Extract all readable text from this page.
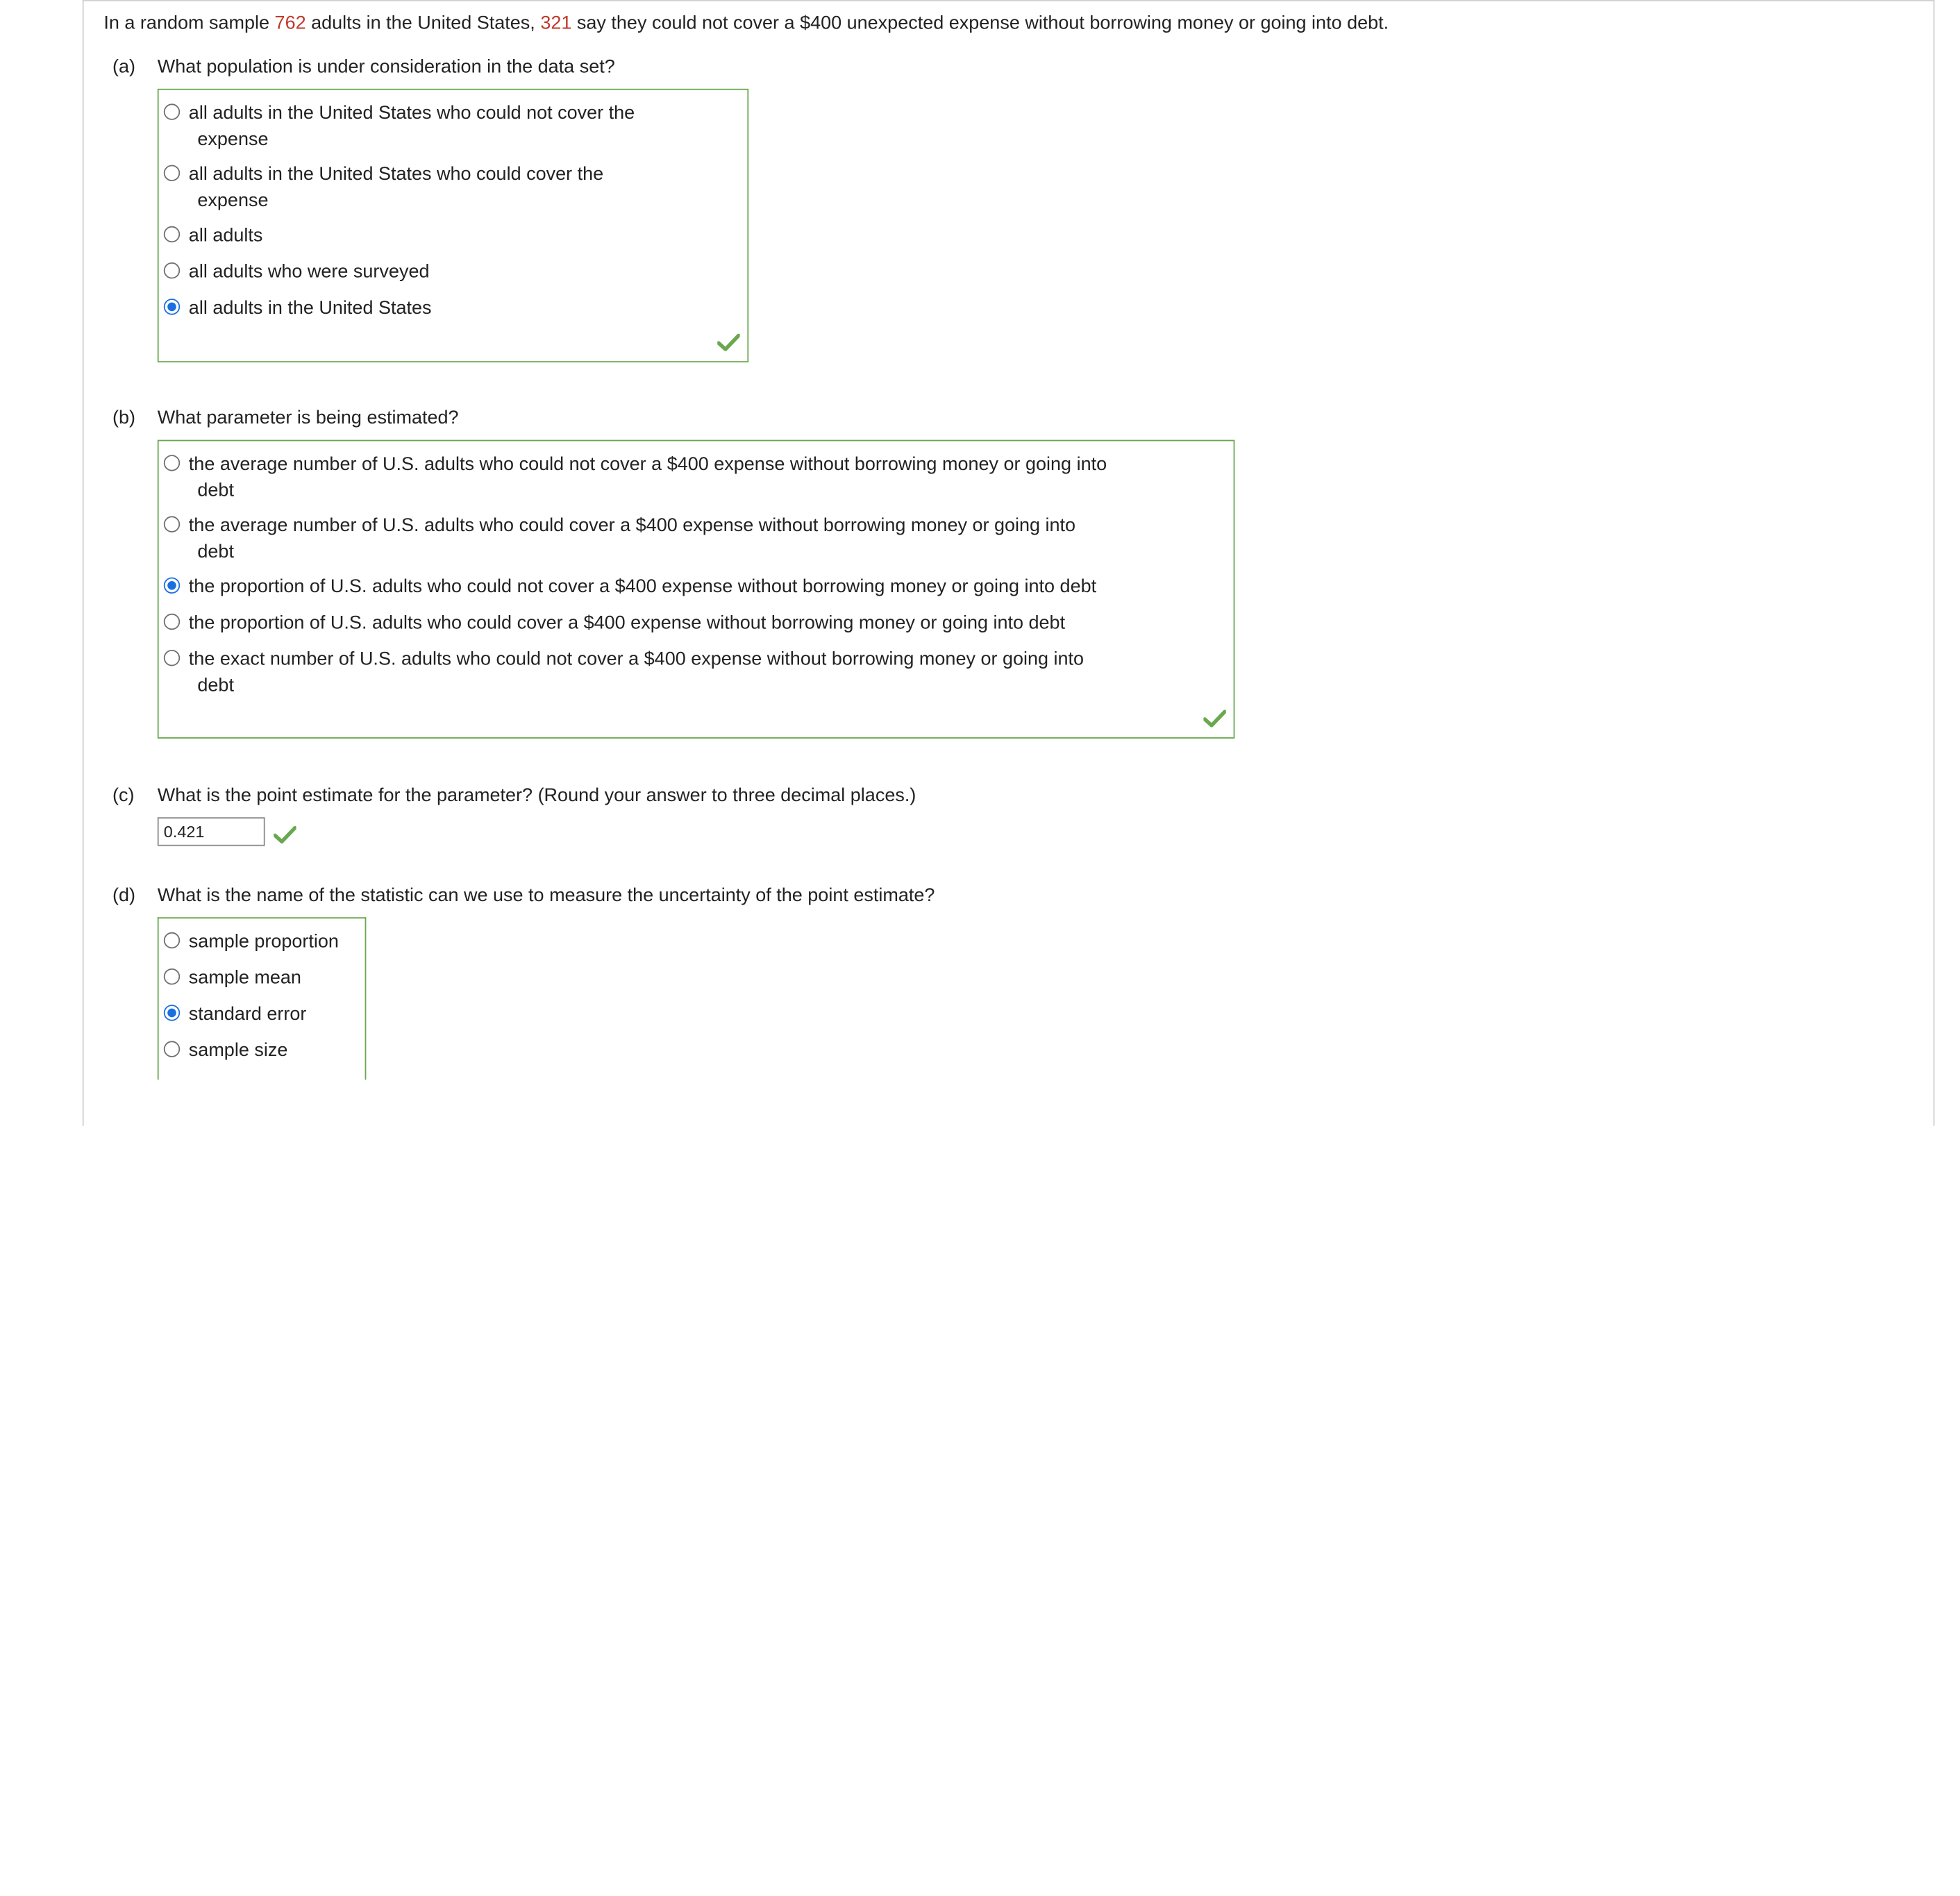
In a random sample 762 adults in the United States, 321 say they could not cover a $400 unexpected expense without borrowing money or going into debt.
(a) What population is under consideration in the data set?
all adults in the United States who could not cover the
expense
all adults in the United States who could cover the
expense
all adults
all adults who were surveyed
all adults in the United States
(b) What parameter is being estimated?
the average number of U.S. adults who could not cover a $400 expense without borrowing money or going into
debt
the average number of U.S. adults who could cover a $400 expense without borrowing money or going into
debt
the proportion of U.S. adults who could not cover a $400 expense without borrowing money or going into debt
the proportion of U.S. adults who could cover a $400 expense without borrowing money or going into debt
the exact number of U.S. adults who could not cover a $400 expense without borrowing money or going into
debt
(c) What is the point estimate for the parameter? (Round your answer to three decimal places.)
0.421
(d) What is the name of the statistic can we use to measure the uncertainty of the point estimate?
sample proportion
sample mean
standard error
sample size
